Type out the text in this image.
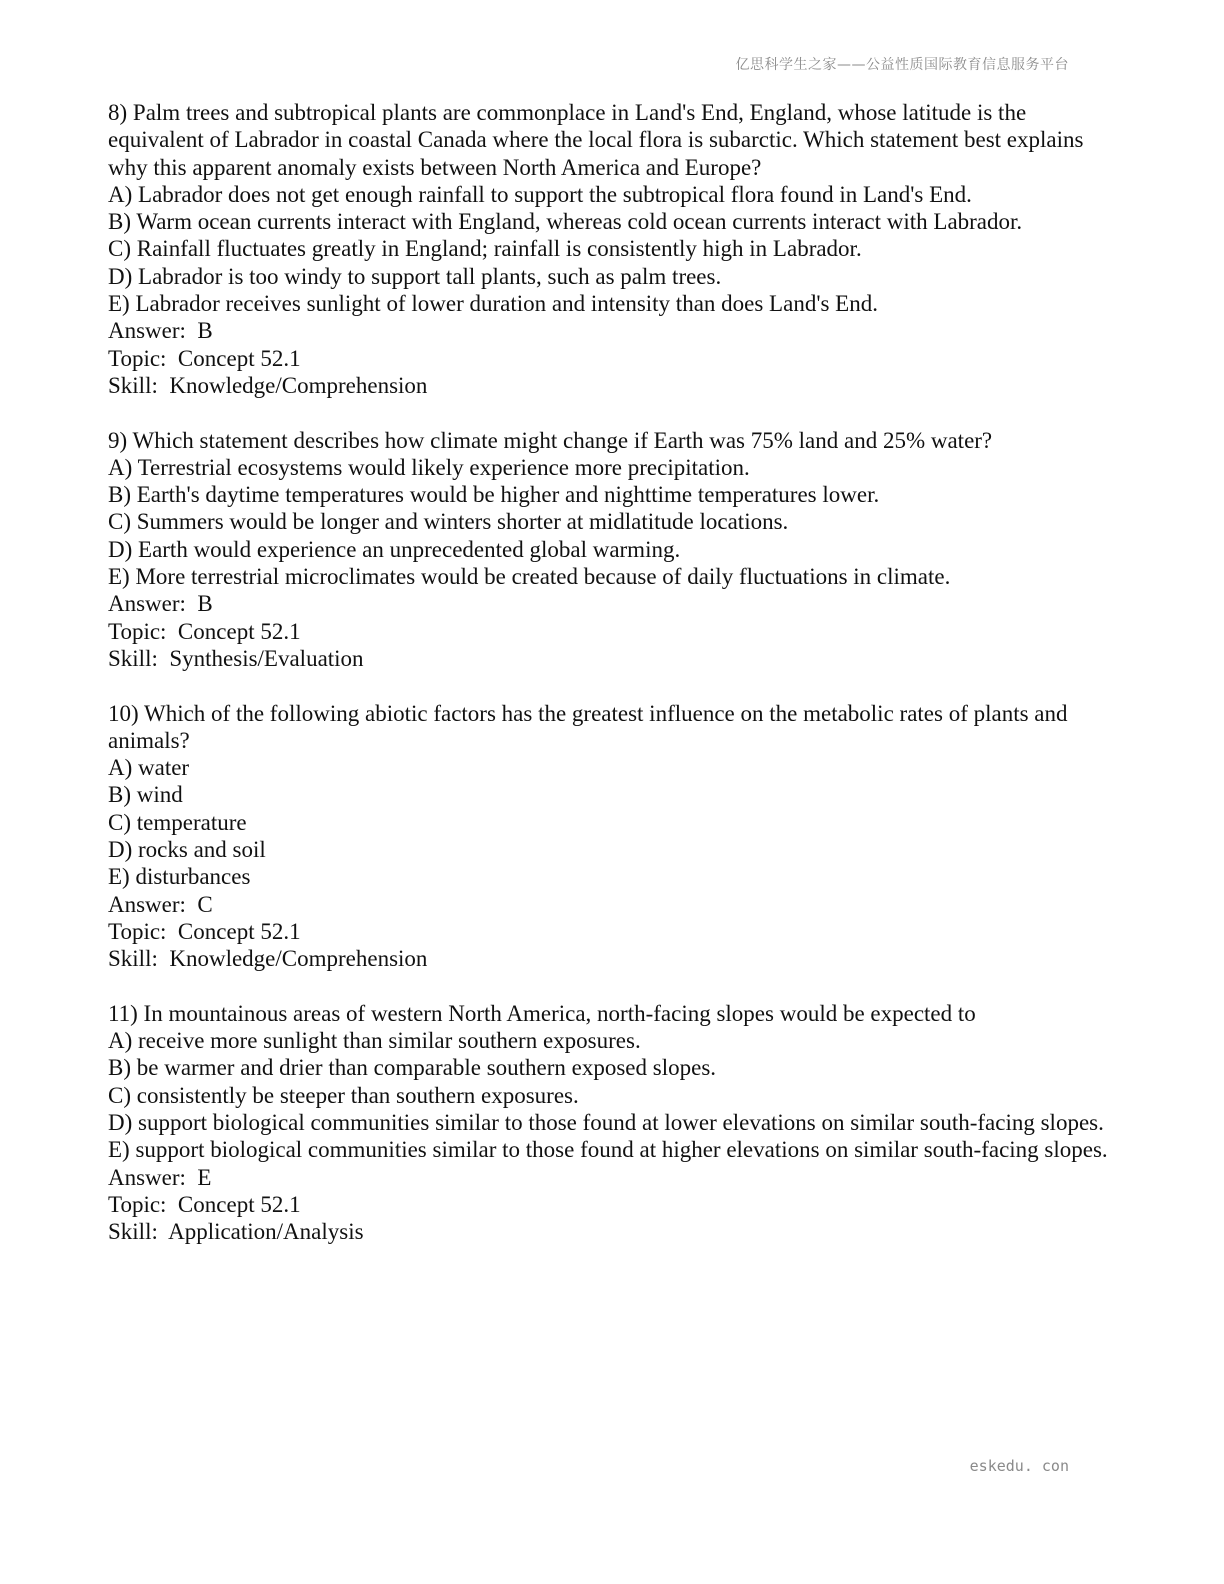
亿思科学生之家——公益性质国际教育信息服务平台
8) Palm trees and subtropical plants are commonplace in Land's End, England, whose latitude is the equivalent of Labrador in coastal Canada where the local flora is subarctic. Which statement best explains why this apparent anomaly exists between North America and Europe?
A) Labrador does not get enough rainfall to support the subtropical flora found in Land's End.
B) Warm ocean currents interact with England, whereas cold ocean currents interact with Labrador.
C) Rainfall fluctuates greatly in England; rainfall is consistently high in Labrador.
D) Labrador is too windy to support tall plants, such as palm trees.
E) Labrador receives sunlight of lower duration and intensity than does Land's End.
Answer:  B
Topic:  Concept 52.1
Skill:  Knowledge/Comprehension
9) Which statement describes how climate might change if Earth was 75% land and 25% water?
A) Terrestrial ecosystems would likely experience more precipitation.
B) Earth's daytime temperatures would be higher and nighttime temperatures lower.
C) Summers would be longer and winters shorter at midlatitude locations.
D) Earth would experience an unprecedented global warming.
E) More terrestrial microclimates would be created because of daily fluctuations in climate.
Answer:  B
Topic:  Concept 52.1
Skill:  Synthesis/Evaluation
10) Which of the following abiotic factors has the greatest influence on the metabolic rates of plants and animals?
A) water
B) wind
C) temperature
D) rocks and soil
E) disturbances
Answer:  C
Topic:  Concept 52.1
Skill:  Knowledge/Comprehension
11) In mountainous areas of western North America, north-facing slopes would be expected to
A) receive more sunlight than similar southern exposures.
B) be warmer and drier than comparable southern exposed slopes.
C) consistently be steeper than southern exposures.
D) support biological communities similar to those found at lower elevations on similar south-facing slopes.
E) support biological communities similar to those found at higher elevations on similar south-facing slopes.
Answer:  E
Topic:  Concept 52.1
Skill:  Application/Analysis
eskedu. con
